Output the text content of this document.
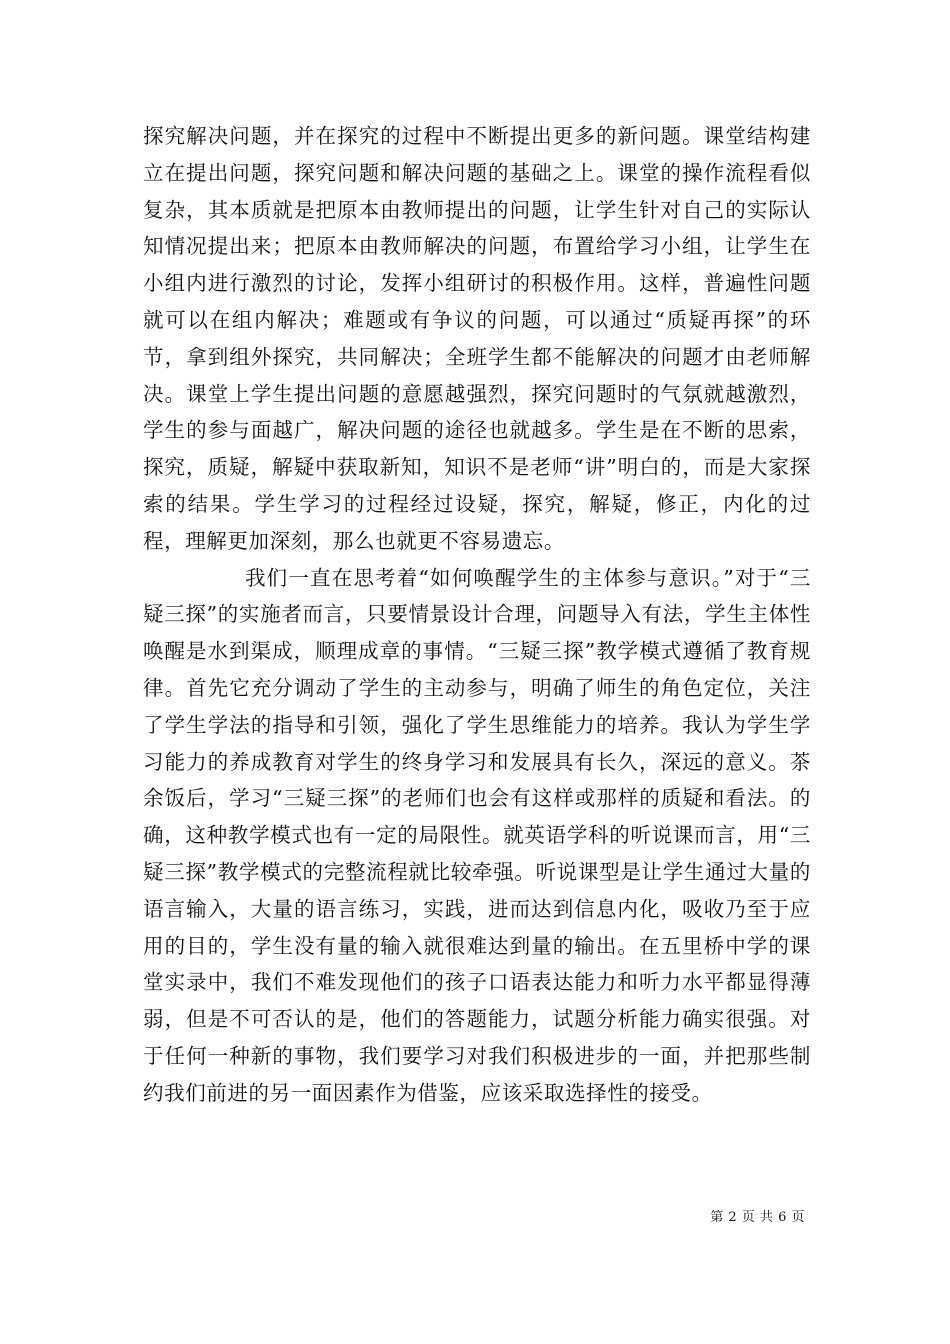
探究解决问题，并在探究的过程中不断提出更多的新问题。课堂结构建立在提出问题，探究问题和解决问题的基础之上。课堂的操作流程看似复杂，其本质就是把原本由教师提出的问题，让学生针对自己的实际认知情况提出来；把原本由教师解决的问题，布置给学习小组，让学生在小组内进行激烈的讨论，发挥小组研讨的积极作用。这样，普遍性问题就可以在组内解决；难题或有争议的问题，可以通过“质疑再探”的环节，拿到组外探究，共同解决；全班学生都不能解决的问题才由老师解决。课堂上学生提出问题的意愿越强烈，探究问题时的气氛就越激烈，学生的参与面越广，解决问题的途径也就越多。学生是在不断的思索，探究，质疑，解疑中获取新知，知识不是老师“讲”明白的，而是大家探索的结果。学生学习的过程经过设疑，探究，解疑，修正，内化的过程，理解更加深刻，那么也就更不容易遗忘。

我们一直在思考着“如何唤醒学生的主体参与意识。”对于“三疑三探”的实施者而言，只要情景设计合理，问题导入有法，学生主体性唤醒是水到渠成，顺理成章的事情。“三疑三探”教学模式遵循了教育规律。首先它充分调动了学生的主动参与，明确了师生的角色定位，关注了学生学法的指导和引领，强化了学生思维能力的培养。我认为学生学习能力的养成教育对学生的终身学习和发展具有长久，深远的意义。茶余饭后，学习“三疑三探”的老师们也会有这样或那样的质疑和看法。的确，这种教学模式也有一定的局限性。就英语学科的听说课而言，用“三疑三探”教学模式的完整流程就比较牵强。听说课型是让学生通过大量的语言输入，大量的语言练习，实践，进而达到信息内化，吸收乃至于应用的目的，学生没有量的输入就很难达到量的输出。在五里桥中学的课堂实录中，我们不难发现他们的孩子口语表达能力和听力水平都显得薄弱，但是不可否认的是，他们的答题能力，试题分析能力确实很强。对于任何一种新的事物，我们要学习对我们积极进步的一面，并把那些制约我们前进的另一面因素作为借鉴，应该采取选择性的接受。

第 2 页 共 6 页
